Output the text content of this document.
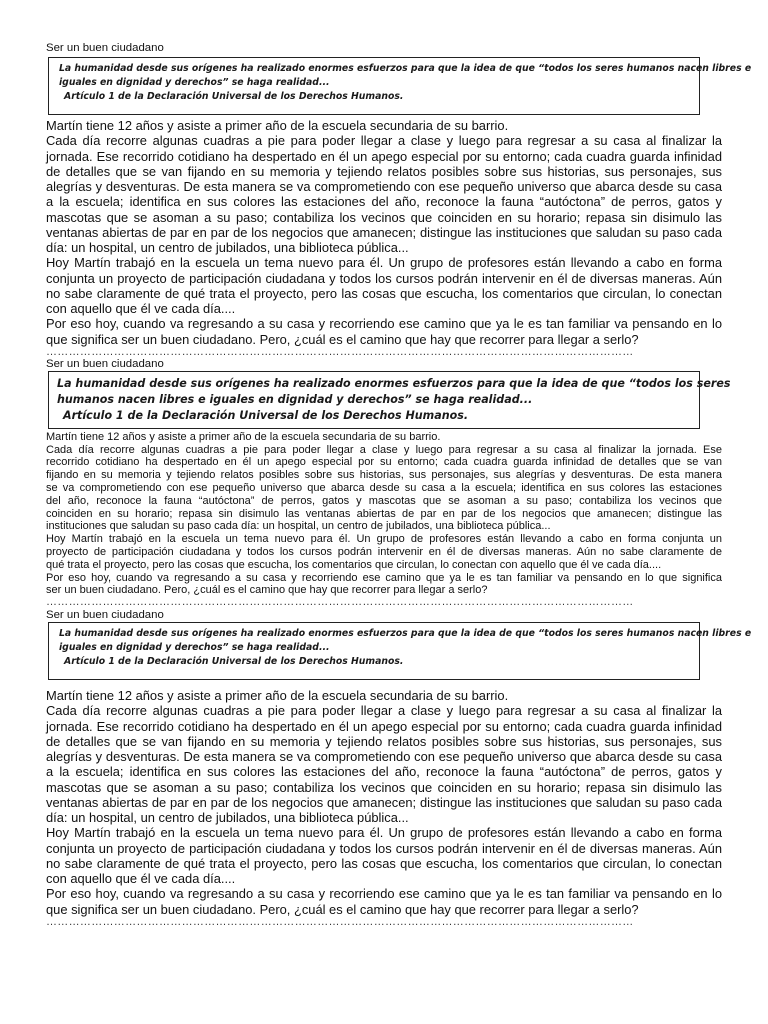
Ser un buen ciudadano
La humanidad desde sus orígenes ha realizado enormes esfuerzos para que la idea de que “todos los seres humanos nacen libres e
iguales en dignidad y derechos” se haga realidad...
Artículo 1 de la Declaración Universal de los Derechos Humanos.
Martín tiene 12 años y asiste a primer año de la escuela secundaria de su barrio.
Cada día recorre algunas cuadras a pie para poder llegar a clase y luego para regresar a su casa al finalizar la
jornada. Ese recorrido cotidiano ha despertado en él un apego especial por su entorno; cada cuadra guarda infinidad
de detalles que se van fijando en su memoria y tejiendo relatos posibles sobre sus historias, sus personajes, sus
alegrías y desventuras. De esta manera se va comprometiendo con ese pequeño universo que abarca desde su casa
a la escuela; identifica en sus colores las estaciones del año, reconoce la fauna “autóctona” de perros, gatos y
mascotas que se asoman a su paso; contabiliza los vecinos que coinciden en su horario; repasa sin disimulo las
ventanas abiertas de par en par de los negocios que amanecen; distingue las instituciones que saludan su paso cada
día: un hospital, un centro de jubilados, una biblioteca pública...
Hoy Martín trabajó en la escuela un tema nuevo para él. Un grupo de profesores están llevando a cabo en forma
conjunta un proyecto de participación ciudadana y todos los cursos podrán intervenir en él de diversas maneras. Aún
no sabe claramente de qué trata el proyecto, pero las cosas que escucha, los comentarios que circulan, lo conectan
con aquello que él ve cada día....
Por eso hoy, cuando va regresando a su casa y recorriendo ese camino que ya le es tan familiar va pensando en lo
que significa ser un buen ciudadano. Pero, ¿cuál es el camino que hay que recorrer para llegar a serlo?
…………………………………………………………………………………………………………………………………………
Ser un buen ciudadano
La humanidad desde sus orígenes ha realizado enormes esfuerzos para que la idea de que “todos los seres
humanos nacen libres e iguales en dignidad y derechos” se haga realidad...
Artículo 1 de la Declaración Universal de los Derechos Humanos.
Martín tiene 12 años y asiste a primer año de la escuela secundaria de su barrio.
Cada día recorre algunas cuadras a pie para poder llegar a clase y luego para regresar a su casa al finalizar la jornada. Ese
recorrido cotidiano ha despertado en él un apego especial por su entorno; cada cuadra guarda infinidad de detalles que se van
fijando en su memoria y tejiendo relatos posibles sobre sus historias, sus personajes, sus alegrías y desventuras. De esta manera
se va comprometiendo con ese pequeño universo que abarca desde su casa a la escuela; identifica en sus colores las estaciones
del año, reconoce la fauna “autóctona” de perros, gatos y mascotas que se asoman a su paso; contabiliza los vecinos que
coinciden en su horario; repasa sin disimulo las ventanas abiertas de par en par de los negocios que amanecen; distingue las
instituciones que saludan su paso cada día: un hospital, un centro de jubilados, una biblioteca pública...
Hoy Martín trabajó en la escuela un tema nuevo para él. Un grupo de profesores están llevando a cabo en forma conjunta un
proyecto de participación ciudadana y todos los cursos podrán intervenir en él de diversas maneras. Aún no sabe claramente de
qué trata el proyecto, pero las cosas que escucha, los comentarios que circulan, lo conectan con aquello que él ve cada día....
Por eso hoy, cuando va regresando a su casa y recorriendo ese camino que ya le es tan familiar va pensando en lo que significa
ser un buen ciudadano. Pero, ¿cuál es el camino que hay que recorrer para llegar a serlo?
…………………………………………………………………………………………………………………………………………
Ser un buen ciudadano
La humanidad desde sus orígenes ha realizado enormes esfuerzos para que la idea de que “todos los seres humanos nacen libres e
iguales en dignidad y derechos” se haga realidad...
Artículo 1 de la Declaración Universal de los Derechos Humanos.
Martín tiene 12 años y asiste a primer año de la escuela secundaria de su barrio.
Cada día recorre algunas cuadras a pie para poder llegar a clase y luego para regresar a su casa al finalizar la
jornada. Ese recorrido cotidiano ha despertado en él un apego especial por su entorno; cada cuadra guarda infinidad
de detalles que se van fijando en su memoria y tejiendo relatos posibles sobre sus historias, sus personajes, sus
alegrías y desventuras. De esta manera se va comprometiendo con ese pequeño universo que abarca desde su casa
a la escuela; identifica en sus colores las estaciones del año, reconoce la fauna “autóctona” de perros, gatos y
mascotas que se asoman a su paso; contabiliza los vecinos que coinciden en su horario; repasa sin disimulo las
ventanas abiertas de par en par de los negocios que amanecen; distingue las instituciones que saludan su paso cada
día: un hospital, un centro de jubilados, una biblioteca pública...
Hoy Martín trabajó en la escuela un tema nuevo para él. Un grupo de profesores están llevando a cabo en forma
conjunta un proyecto de participación ciudadana y todos los cursos podrán intervenir en él de diversas maneras. Aún
no sabe claramente de qué trata el proyecto, pero las cosas que escucha, los comentarios que circulan, lo conectan
con aquello que él ve cada día....
Por eso hoy, cuando va regresando a su casa y recorriendo ese camino que ya le es tan familiar va pensando en lo
que significa ser un buen ciudadano. Pero, ¿cuál es el camino que hay que recorrer para llegar a serlo?
…………………………………………………………………………………………………………………………………………
